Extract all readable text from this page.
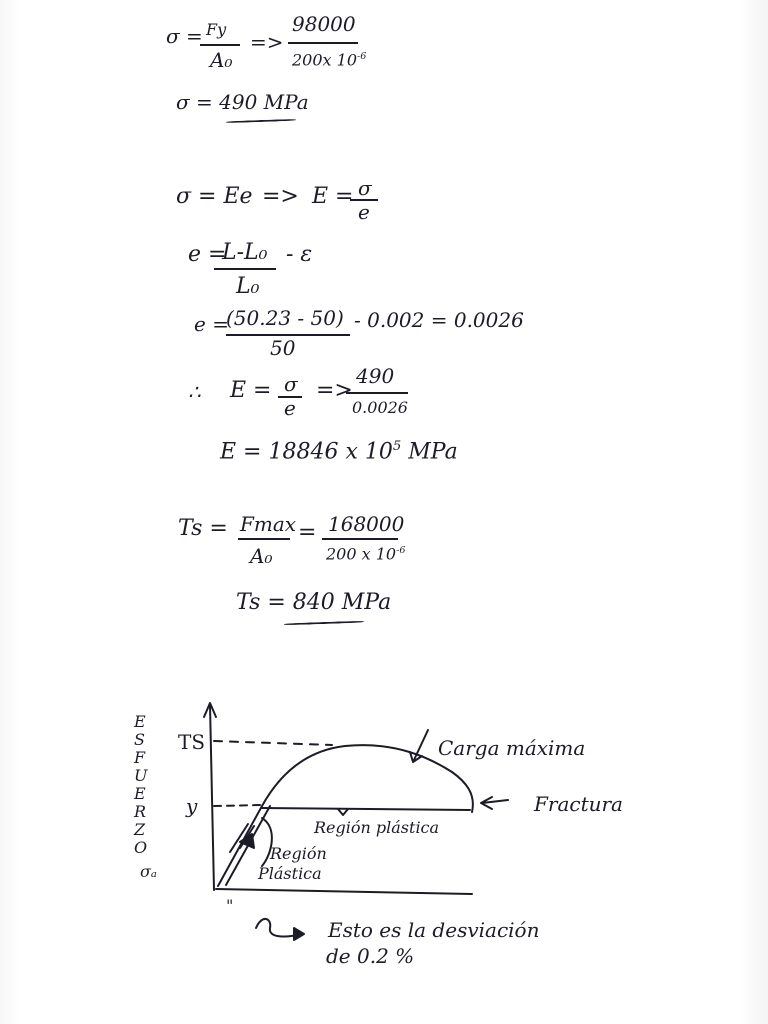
σ = Fy
A₀
=>
98000
200x $10^{-6}$
σ = 490 MPa
σ = Ee => E = σ
e
e =
L-L₀
L₀
- ε
e =
(50.23 - 50)
50
- 0.002 = 0.0026
∴ E = σ
e
=>
490
0.0026
E = 18846 x $10^5$ MPa
Ts = Fmax
A₀
= 168000
200 x $10^{-6}$
Ts = 840 MPa
E
S
F
U
E
R
Z
O
σₐ
TS
y
Carga máxima
Fractura
Región plástica
Región
Plástica
"
Esto es la desviación
de 0.2 %
